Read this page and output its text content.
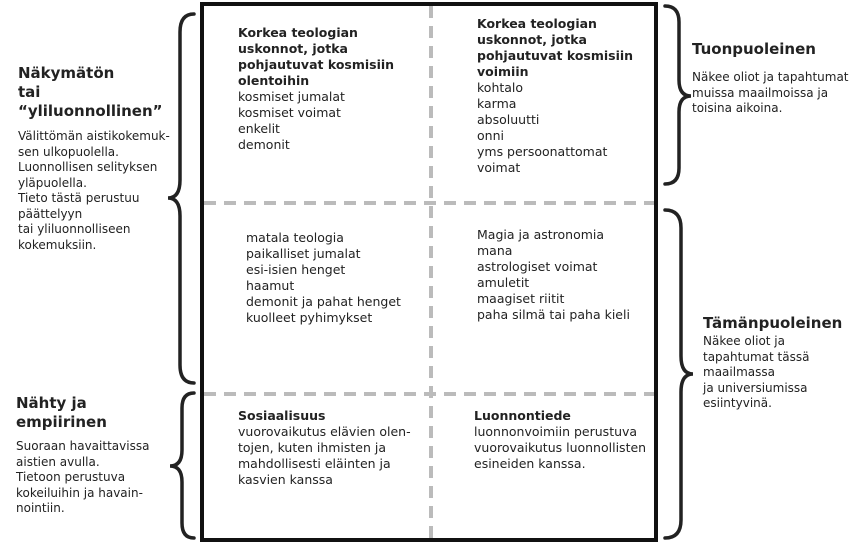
Näkymätön
tai “yliluonnollinen”
Välittömän aistikokemuk-
sen ulkopuolella.
Luonnollisen selityksen
yläpuolella.
Tieto tästä perustuu
päättelyyn
tai yliluonnolliseen
kokemuksiin.
Nähty ja empiirinen
Suoraan havaittavissa
aistien avulla.
Tietoon perustuva
kokeiluihin ja havain-
nointiin.
Tuonpuoleinen
Näkee oliot ja tapahtumat
muissa maailmoissa ja
toisina aikoina.
Tämänpuoleinen
Näkee oliot ja
tapahtumat tässä
maailmassa
ja universiumissa
esiintyvinä.
Korkea teologian
uskonnot, jotka
pohjautuvat kosmisiin
olentoihin
kosmiset jumalat
kosmiset voimat
enkelit
demonit
Korkea teologian
uskonnot, jotka
pohjautuvat kosmisiin
voimiin
kohtalo
karma
absoluutti
onni
yms persoonattomat
voimat
matala teologia
paikalliset jumalat
esi-isien henget
haamut
demonit ja pahat henget
kuolleet pyhimykset
Magia ja astronomia
mana
astrologiset voimat
amuletit
maagiset riitit
paha silmä tai paha kieli
Sosiaalisuus
vuorovaikutus elävien olen-
tojen, kuten ihmisten ja
mahdollisesti eläinten ja
kasvien kanssa
Luonnontiede
luonnonvoimiin perustuva
vuorovaikutus luonnollisten
esineiden kanssa.
